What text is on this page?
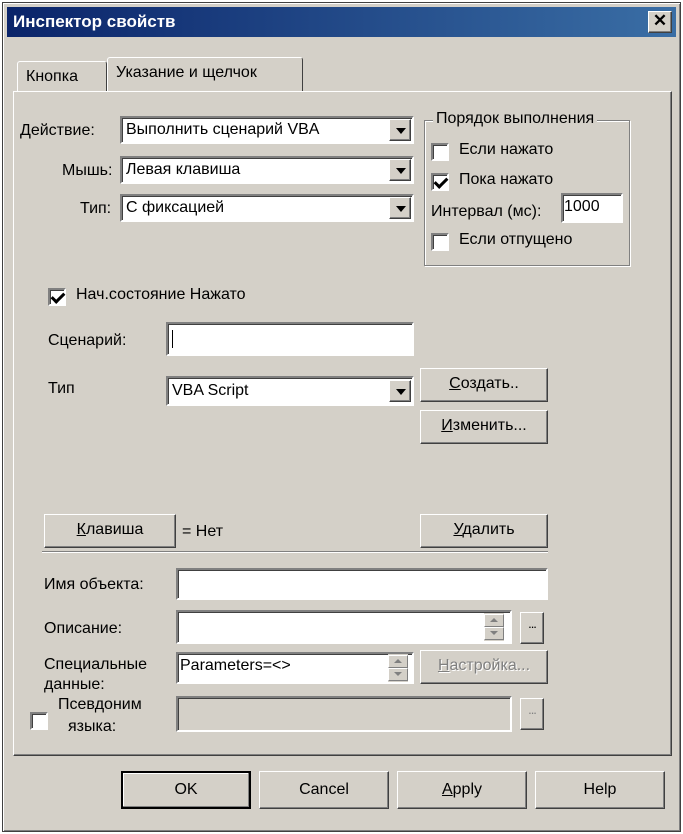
Инспектор свойств	✕
Кнопка	Указание и щелчок
Действие: Выполнить сценарий VBA
Мышь: Левая клавиша
Тип: С фиксацией
Порядок выполнения
Если нажато
Пока нажато
Интервал (мс): 1000
Если отпущено
Нач.состояние Нажато
Сценарий:
Тип	VBA Script	Создать..
Изменить...
Клавиша	= Нет	Удалить
Имя объекта:
Описание:	...
Специальные
данные:
Parameters=<>	Настройка...
Псевдоним
языка:
...
OK	Cancel	Apply	Help
